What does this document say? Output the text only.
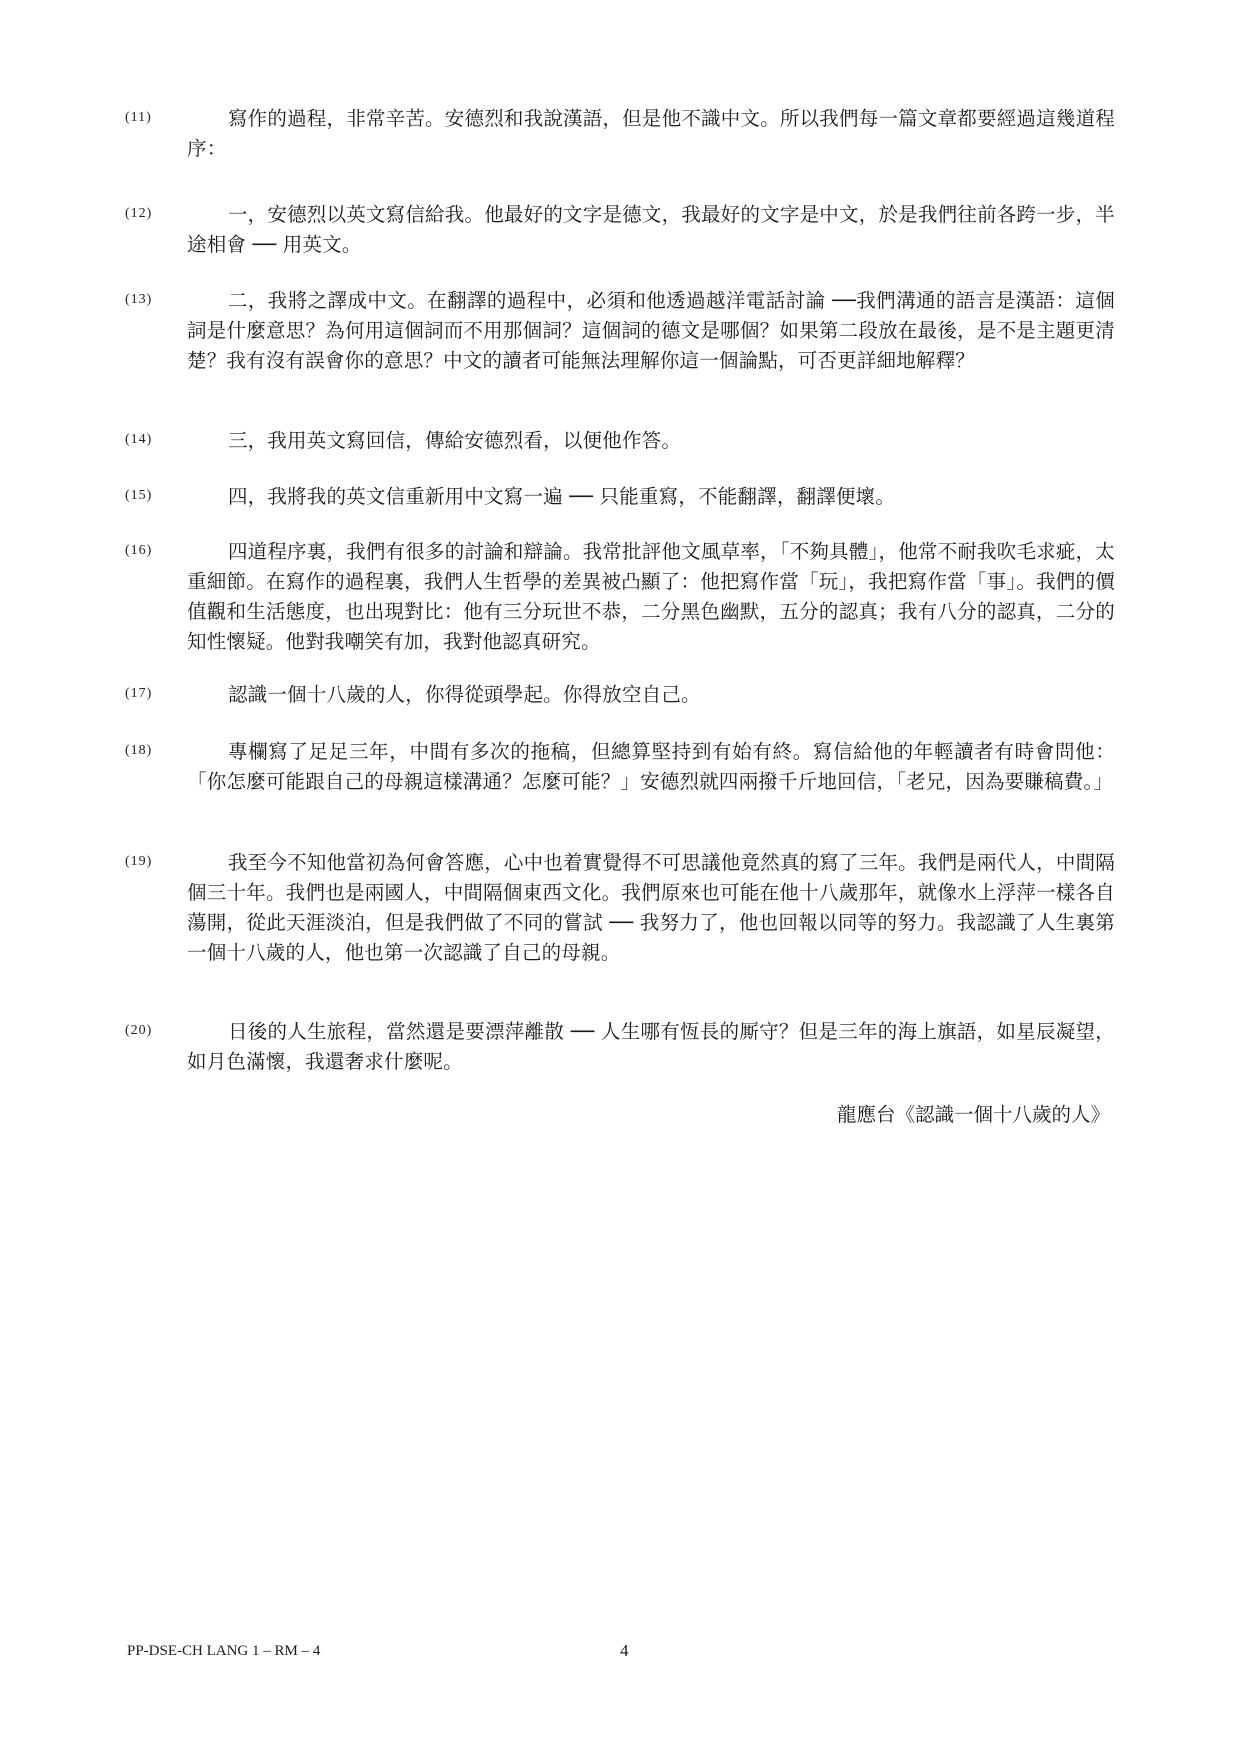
(11)	寫作的過程，非常辛苦。安德烈和我說漢語，但是他不識中文。所以我們每一篇文章都要經過這幾道程序：
(12)	一，安德烈以英文寫信給我。他最好的文字是德文，我最好的文字是中文，於是我們往前各跨一步，半途相會 ── 用英文。
(13)	二，我將之譯成中文。在翻譯的過程中，必須和他透過越洋電話討論 ──我們溝通的語言是漢語：這個詞是什麼意思？為何用這個詞而不用那個詞？這個詞的德文是哪個？如果第二段放在最後，是不是主題更清楚？我有沒有誤會你的意思？中文的讀者可能無法理解你這一個論點，可否更詳細地解釋？
(14)	三，我用英文寫回信，傳給安德烈看，以便他作答。
(15)	四，我將我的英文信重新用中文寫一遍 ── 只能重寫，不能翻譯，翻譯便壞。
(16)	四道程序裏，我們有很多的討論和辯論。我常批評他文風草率，「不夠具體」，他常不耐我吹毛求疵，太重細節。在寫作的過程裏，我們人生哲學的差異被凸顯了：他把寫作當「玩」，我把寫作當「事」。我們的價值觀和生活態度，也出現對比：他有三分玩世不恭，二分黑色幽默，五分的認真；我有八分的認真，二分的知性懷疑。他對我嘲笑有加，我對他認真研究。
(17)	認識一個十八歲的人，你得從頭學起。你得放空自己。
(18)	專欄寫了足足三年，中間有多次的拖稿，但總算堅持到有始有終。寫信給他的年輕讀者有時會問他：「你怎麼可能跟自己的母親這樣溝通？怎麼可能？」安德烈就四兩撥千斤地回信，「老兄，因為要賺稿費。」
(19)	我至今不知他當初為何會答應，心中也着實覺得不可思議他竟然真的寫了三年。我們是兩代人，中間隔個三十年。我們也是兩國人，中間隔個東西文化。我們原來也可能在他十八歲那年，就像水上浮萍一樣各自蕩開，從此天涯淡泊，但是我們做了不同的嘗試 ── 我努力了，他也回報以同等的努力。我認識了人生裏第一個十八歲的人，他也第一次認識了自己的母親。
(20)	日後的人生旅程，當然還是要漂萍離散 ── 人生哪有恆長的厮守？但是三年的海上旗語，如星辰凝望，如月色滿懷，我還奢求什麼呢。
龍應台《認識一個十八歲的人》
PP-DSE-CH LANG 1 – RM – 4	4
